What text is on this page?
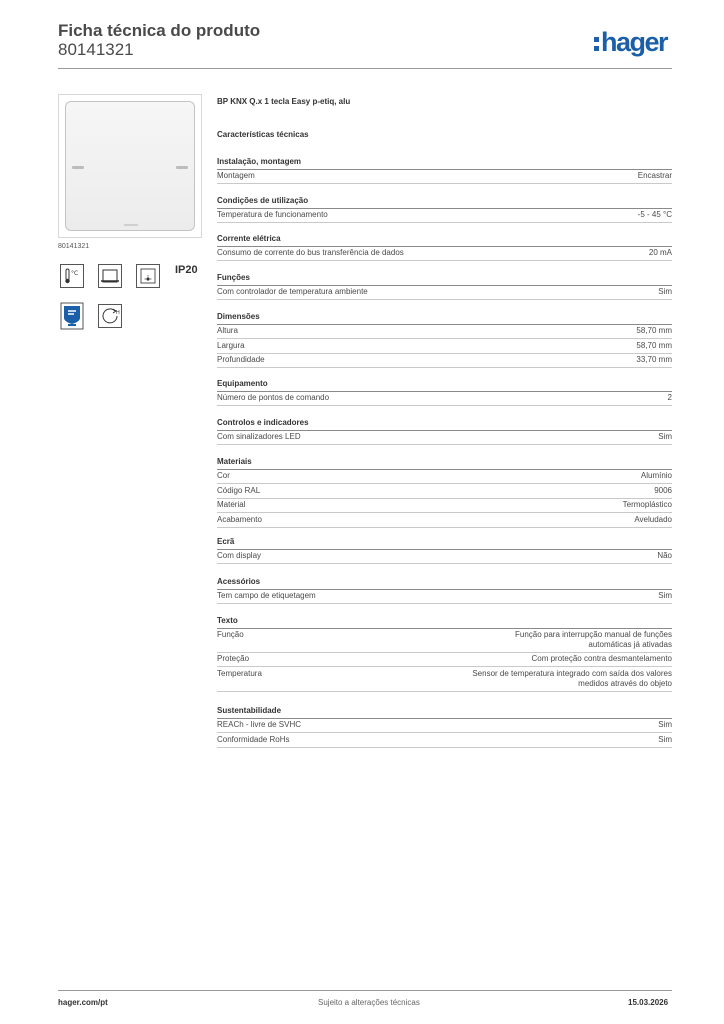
Ficha técnica do produto
80141321	hager
80141321
°C	IP20
H
BP KNX Q.x 1 tecla Easy p-etiq, alu
Características técnicas
Instalação, montagem
Montagem	Encastrar
Condições de utilização
Temperatura de funcionamento	-5 - 45 °C
Corrente elétrica
Consumo de corrente do bus transferência de dados	20 mA
Funções
Com controlador de temperatura ambiente	Sim
Dimensões
Altura	58,70 mm
Largura	58,70 mm
Profundidade	33,70 mm
Equipamento
Número de pontos de comando	2
Controlos e indicadores
Com sinalizadores LED	Sim
Materiais
Cor	Alumínio
Código RAL	9006
Material	Termoplástico
Acabamento	Aveludado
Ecrã
Com display	Não
Acessórios
Tem campo de etiquetagem	Sim
Texto
Função	Função para interrupção manual de funções automáticas já ativadas
Proteção	Com proteção contra desmantelamento
Temperatura	Sensor de temperatura integrado com saída dos valores medidos através do objeto
Sustentabilidade
REACh - livre de SVHC	Sim
Conformidade RoHs	Sim
hager.com/pt	Sujeito a alterações técnicas	15.03.2026
